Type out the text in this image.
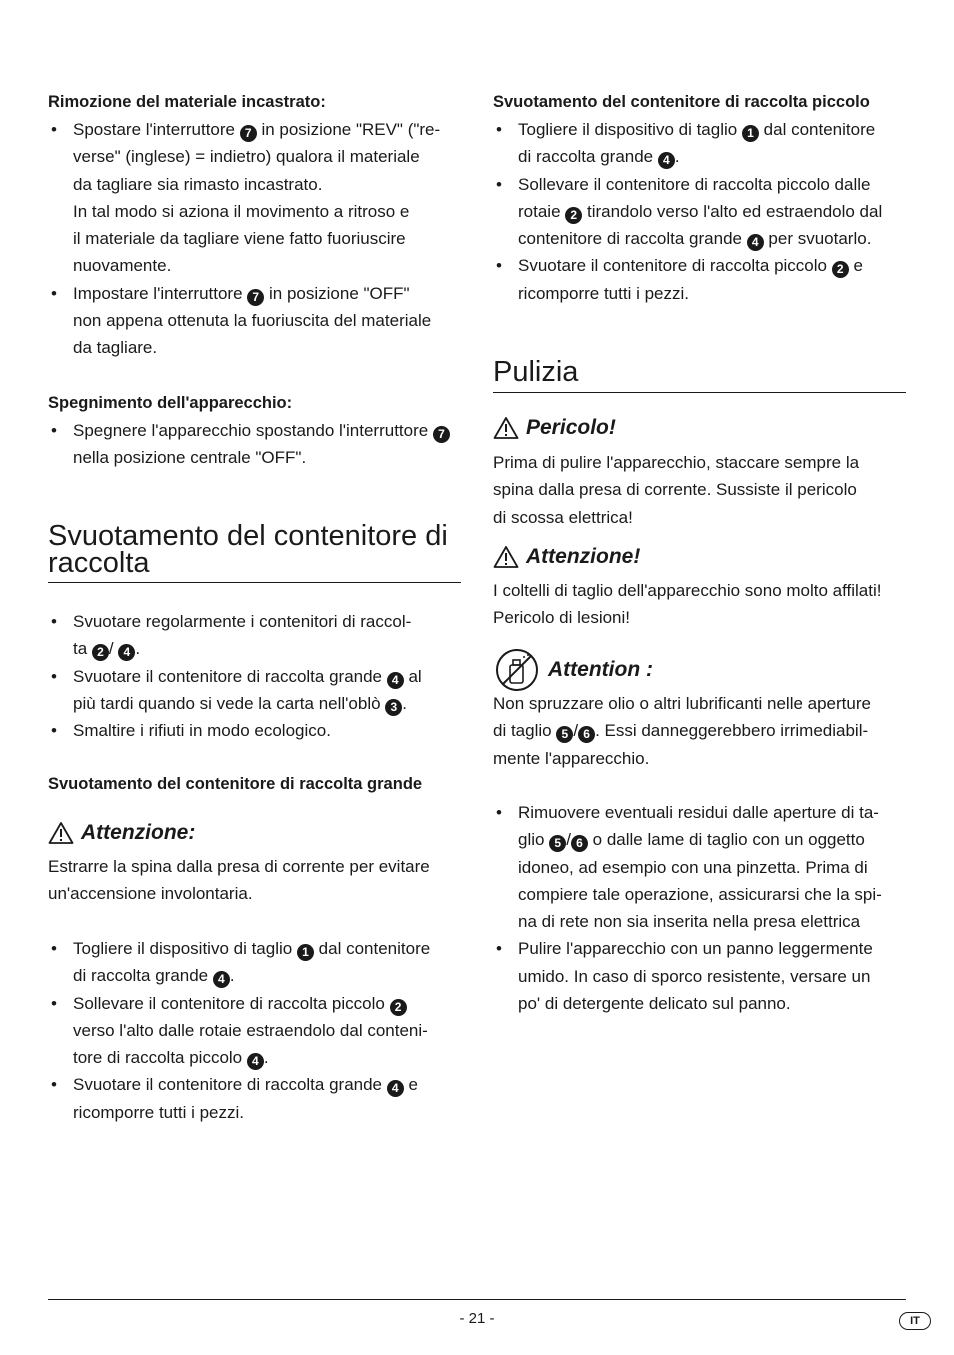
Rimozione del materiale incastrato:
• Spostare l'interruttore 7 in posizione "REV" ("re-
verse" (inglese) = indietro) qualora il materiale
da tagliare sia rimasto incastrato.
In tal modo si aziona il movimento a ritroso e
il materiale da tagliare viene fatto fuoriuscire
nuovamente.
• Impostare l'interruttore 7 in posizione "OFF"
non appena ottenuta la fuoriuscita del materiale
da tagliare.
Spegnimento dell'apparecchio:
• Spegnere l'apparecchio spostando l'interruttore 7
nella posizione centrale "OFF".
Svuotamento del contenitore di
raccolta
• Svuotare regolarmente i contenitori di raccol-
ta 2 / 4 .
• Svuotare il contenitore di raccolta grande 4 al
più tardi quando si vede la carta nell'oblò 3 .
• Smaltire i rifiuti in modo ecologico.
Svuotamento del contenitore di raccolta grande
Attenzione:
Estrarre la spina dalla presa di corrente per evitare
un'accensione involontaria.
• Togliere il dispositivo di taglio 1 dal contenitore
di raccolta grande 4 .
• Sollevare il contenitore di raccolta piccolo 2
verso l'alto dalle rotaie estraendolo dal conteni-
tore di raccolta piccolo 4 .
• Svuotare il contenitore di raccolta grande 4 e
ricomporre tutti i pezzi.
Svuotamento del contenitore di raccolta piccolo
• Togliere il dispositivo di taglio 1 dal contenitore
di raccolta grande 4 .
• Sollevare il contenitore di raccolta piccolo dalle
rotaie 2 tirandolo verso l'alto ed estraendolo dal
contenitore di raccolta grande 4 per svuotarlo.
• Svuotare il contenitore di raccolta piccolo 2 e
ricomporre tutti i pezzi.
Pulizia
Pericolo!
Prima di pulire l'apparecchio, staccare sempre la
spina dalla presa di corrente. Sussiste il pericolo
di scossa elettrica!
Attenzione!
I coltelli di taglio dell'apparecchio sono molto affilati!
Pericolo di lesioni!
Attention :
Non spruzzare olio o altri lubrificanti nelle aperture
di taglio 5 / 6 . Essi danneggerebbero irrimediabil-
mente l'apparecchio.
• Rimuovere eventuali residui dalle aperture di ta-
glio 5 / 6 o dalle lame di taglio con un oggetto
idoneo, ad esempio con una pinzetta. Prima di
compiere tale operazione, assicurarsi che la spi-
na di rete non sia inserita nella presa elettrica
• Pulire l'apparecchio con un panno leggermente
umido. In caso di sporco resistente, versare un
po' di detergente delicato sul panno.
- 21 -	IT
